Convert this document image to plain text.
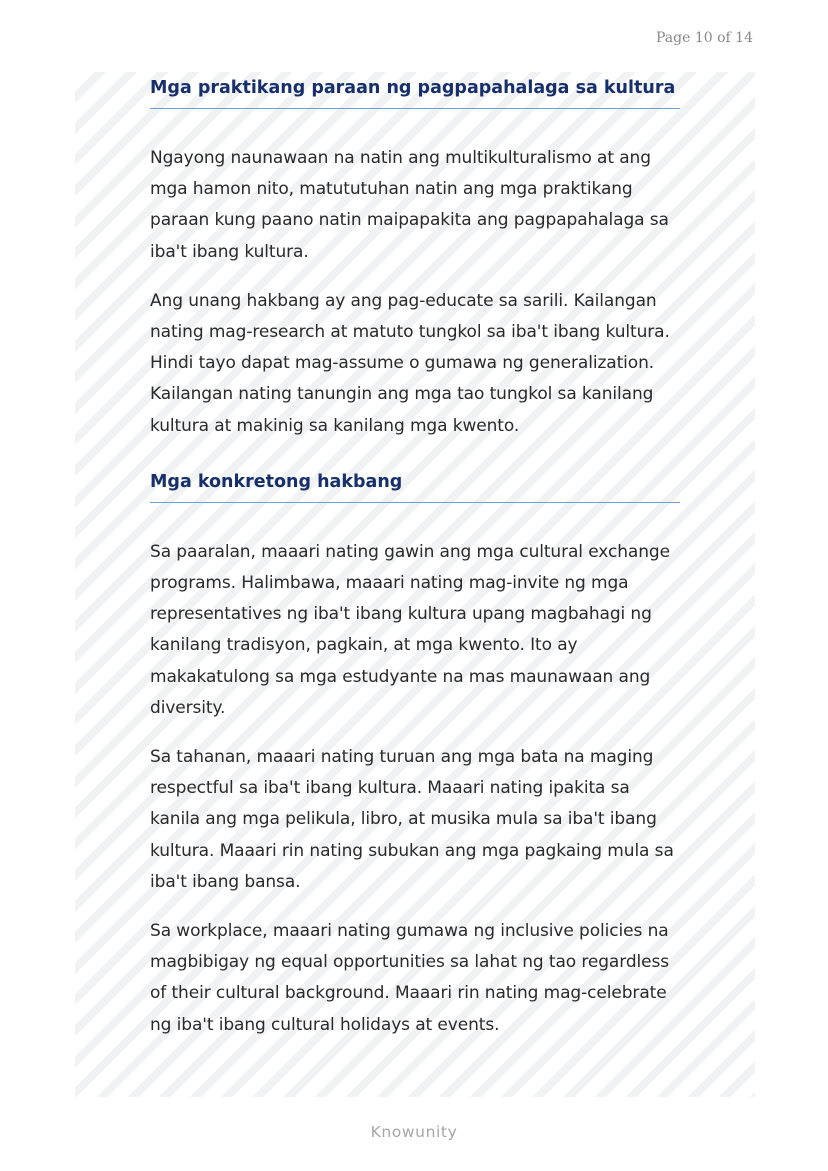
Page 10 of 14
Mga praktikang paraan ng pagpapahalaga sa kultura

Ngayong naunawaan na natin ang multikulturalismo at ang mga hamon nito, matututuhan natin ang mga praktikang paraan kung paano natin maipapakita ang pagpapahalaga sa iba't ibang kultura.

Ang unang hakbang ay ang pag-educate sa sarili. Kailangan nating mag-research at matuto tungkol sa iba't ibang kultura. Hindi tayo dapat mag-assume o gumawa ng generalization. Kailangan nating tanungin ang mga tao tungkol sa kanilang kultura at makinig sa kanilang mga kwento.

Mga konkretong hakbang

Sa paaralan, maaari nating gawin ang mga cultural exchange programs. Halimbawa, maaari nating mag-invite ng mga representatives ng iba't ibang kultura upang magbahagi ng kanilang tradisyon, pagkain, at mga kwento. Ito ay makakatulong sa mga estudyante na mas maunawaan ang diversity.

Sa tahanan, maaari nating turuan ang mga bata na maging respectful sa iba't ibang kultura. Maaari nating ipakita sa kanila ang mga pelikula, libro, at musika mula sa iba't ibang kultura. Maaari rin nating subukan ang mga pagkaing mula sa iba't ibang bansa.

Sa workplace, maaari nating gumawa ng inclusive policies na magbibigay ng equal opportunities sa lahat ng tao regardless of their cultural background. Maaari rin nating mag-celebrate ng iba't ibang cultural holidays at events.

Knowunity
